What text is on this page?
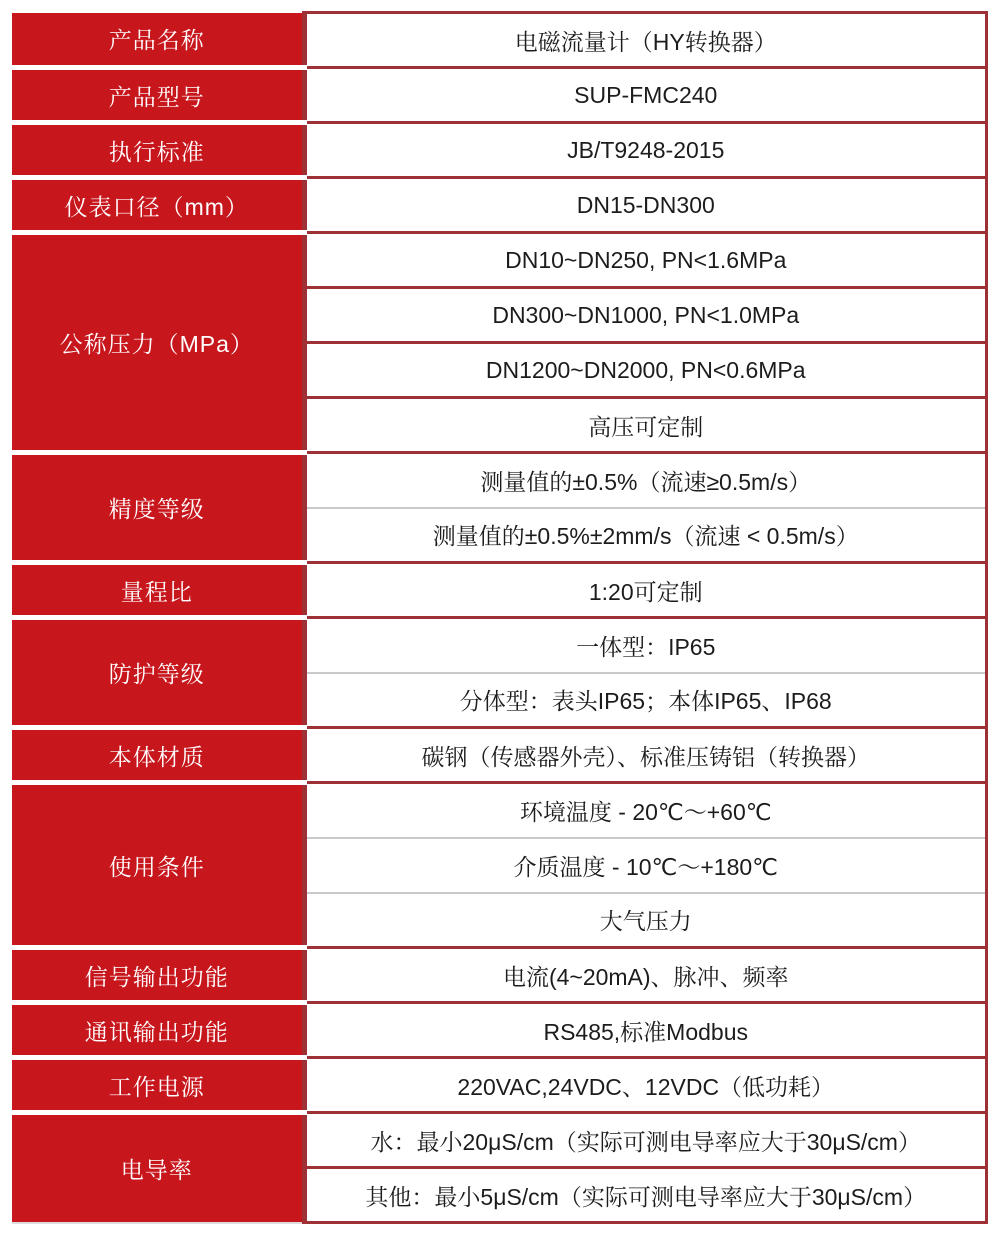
产品名称	电磁流量计（HY转换器）
产品型号	SUP-FMC240
执行标准	JB/T9248-2015
仪表口径（mm）	DN15-DN300
公称压力（MPa）	DN10~DN250, PN<1.6MPa
	DN300~DN1000, PN<1.0MPa
	DN1200~DN2000, PN<0.6MPa
	高压可定制
精度等级	测量值的±0.5%（流速≥0.5m/s）
	测量值的±0.5%±2mm/s（流速 < 0.5m/s）
量程比	1:20可定制
防护等级	一体型：IP65
	分体型：表头IP65；本体IP65、IP68
本体材质	碳钢（传感器外壳）、标准压铸铝（转换器）
使用条件	环境温度 - 20℃～+60℃
	介质温度 - 10℃～+180℃
	大气压力
信号输出功能	电流(4~20mA)、脉冲、频率
通讯输出功能	RS485,标准Modbus
工作电源	220VAC,24VDC、12VDC（低功耗）
电导率	水：最小20μS/cm（实际可测电导率应大于30μS/cm）
	其他：最小5μS/cm（实际可测电导率应大于30μS/cm）
